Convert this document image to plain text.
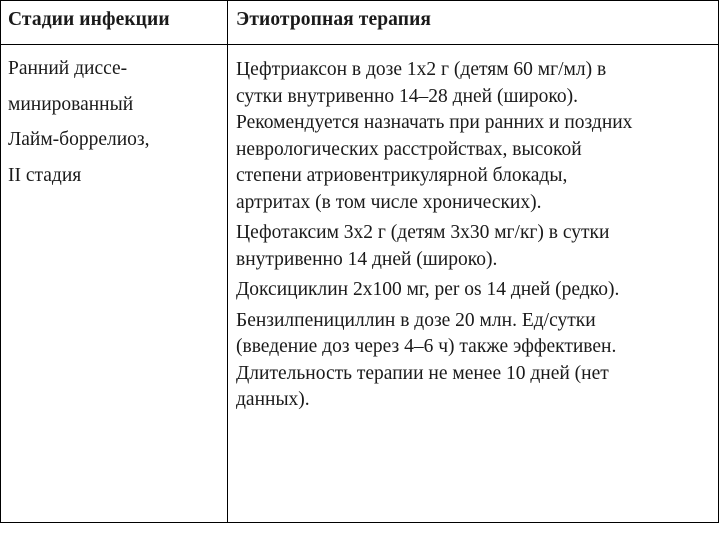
Стадии инфекции	Этиотропная терапия
Ранний диссе-
минированный
Лайм-боррелиоз,
II стадия
Цефтриаксон в дозе 1х2 г (детям 60 мг/мл) в
сутки внутривенно 14–28 дней (широко).
Рекомендуется назначать при ранних и поздних
неврологических расстройствах, высокой
степени атриовентрикулярной блокады,
артритах (в том числе хронических).
Цефотаксим 3х2 г (детям 3х30 мг/кг) в сутки
внутривенно 14 дней (широко).
Доксициклин 2х100 мг, per os 14 дней (редко).
Бензилпенициллин в дозе 20 млн. Ед/сутки
(введение доз через 4–6 ч) также эффективен.
Длительность терапии не менее 10 дней (нет
данных).
